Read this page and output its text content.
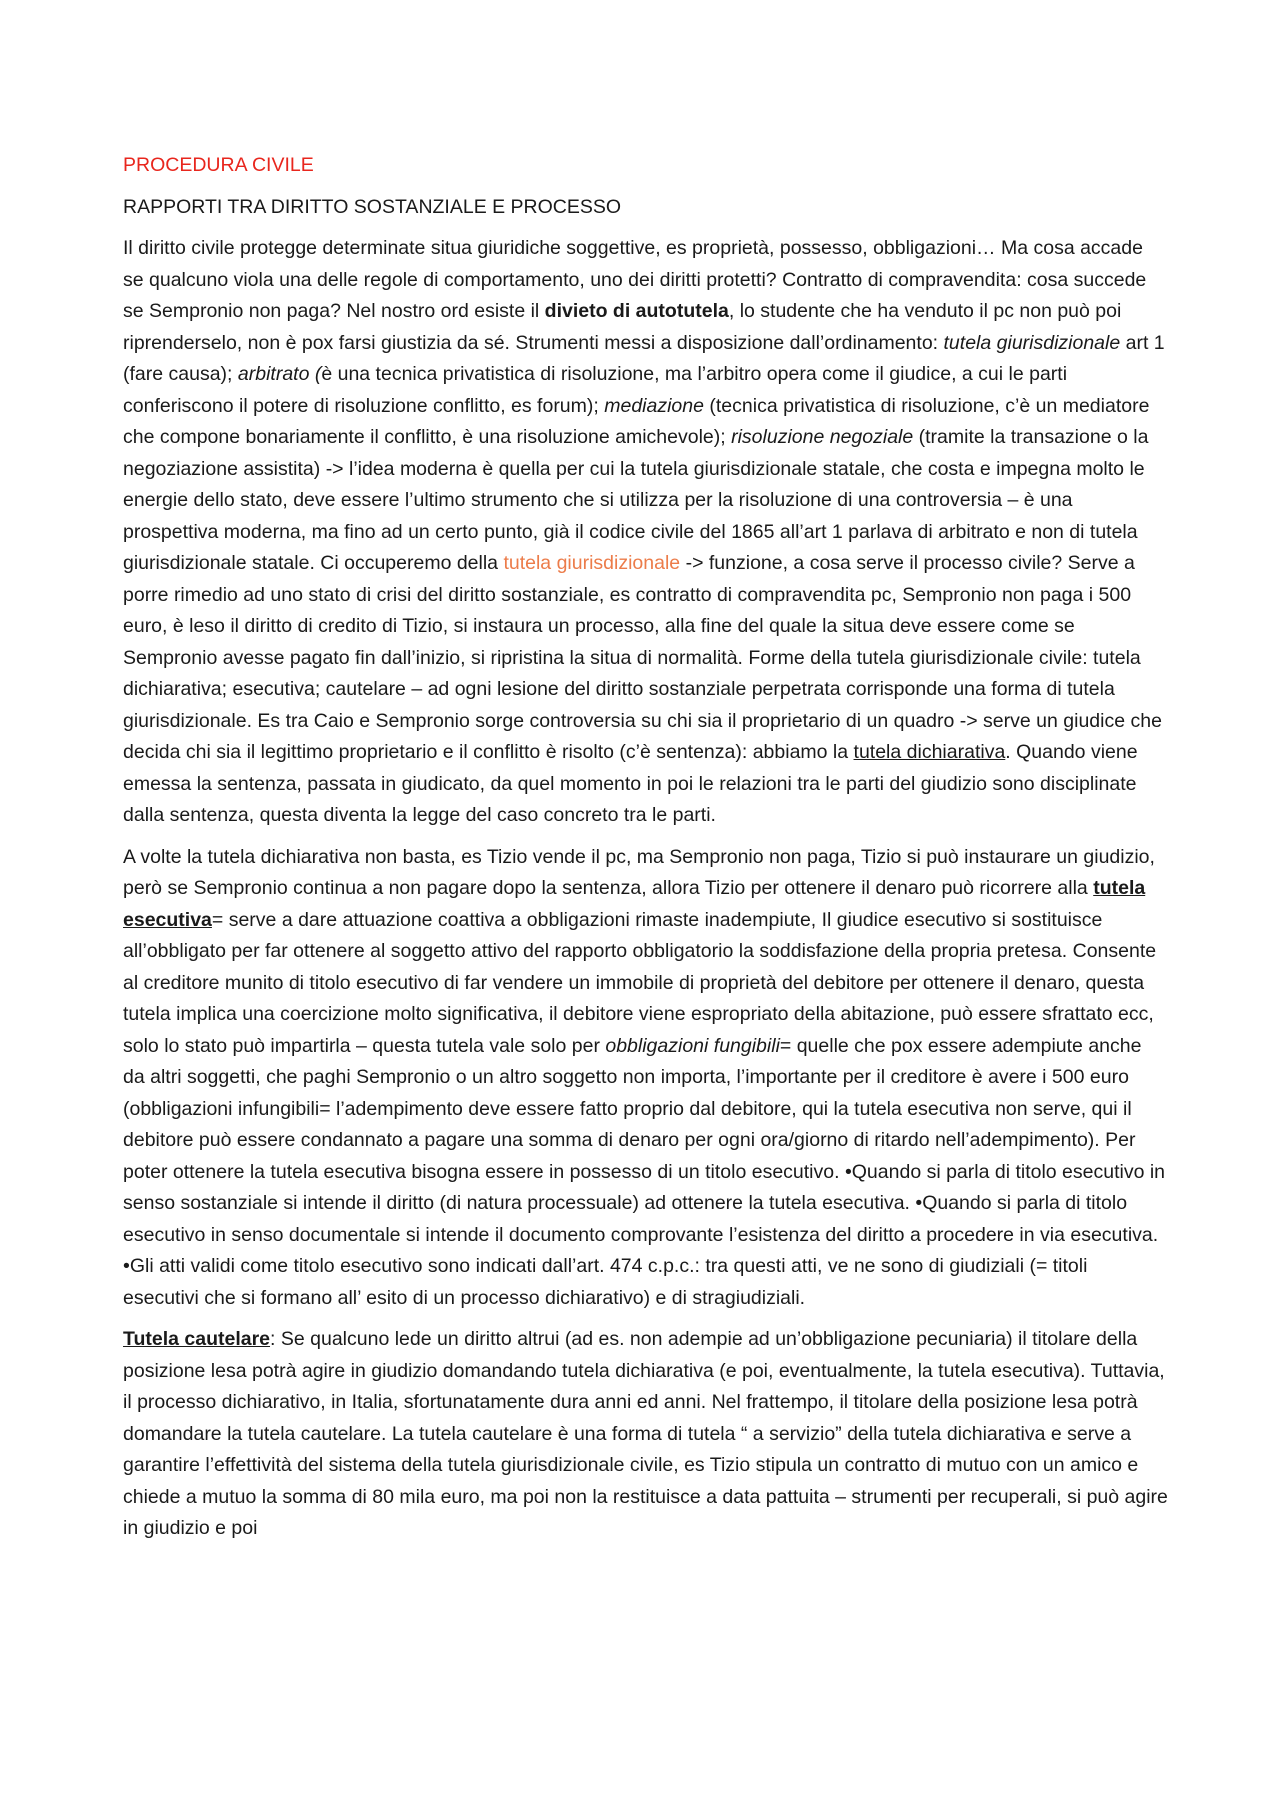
PROCEDURA CIVILE
RAPPORTI TRA DIRITTO SOSTANZIALE E PROCESSO

Il diritto civile protegge determinate situa giuridiche soggettive, es proprietà, possesso, obbligazioni… Ma cosa accade se qualcuno viola una delle regole di comportamento, uno dei diritti protetti? Contratto di compravendita: cosa succede se Sempronio non paga? Nel nostro ord esiste il divieto di autotutela, lo studente che ha venduto il pc non può poi riprenderselo, non è pox farsi giustizia da sé. Strumenti messi a disposizione dall’ordinamento: tutela giurisdizionale art 1 (fare causa); arbitrato (è una tecnica privatistica di risoluzione, ma l’arbitro opera come il giudice, a cui le parti conferiscono il potere di risoluzione conflitto, es forum); mediazione (tecnica privatistica di risoluzione, c’è un mediatore che compone bonariamente il conflitto, è una risoluzione amichevole); risoluzione negoziale (tramite la transazione o la negoziazione assistita) -> l’idea moderna è quella per cui la tutela giurisdizionale statale, che costa e impegna molto le energie dello stato, deve essere l’ultimo strumento che si utilizza per la risoluzione di una controversia – è una prospettiva moderna, ma fino ad un certo punto, già il codice civile del 1865 all’art 1 parlava di arbitrato e non di tutela giurisdizionale statale. Ci occuperemo della tutela giurisdizionale -> funzione, a cosa serve il processo civile? Serve a porre rimedio ad uno stato di crisi del diritto sostanziale, es contratto di compravendita pc, Sempronio non paga i 500 euro, è leso il diritto di credito di Tizio, si instaura un processo, alla fine del quale la situa deve essere come se Sempronio avesse pagato fin dall’inizio, si ripristina la situa di normalità. Forme della tutela giurisdizionale civile: tutela dichiarativa; esecutiva; cautelare – ad ogni lesione del diritto sostanziale perpetrata corrisponde una forma di tutela giurisdizionale. Es tra Caio e Sempronio sorge controversia su chi sia il proprietario di un quadro -> serve un giudice che decida chi sia il legittimo proprietario e il conflitto è risolto (c’è sentenza): abbiamo la tutela dichiarativa. Quando viene emessa la sentenza, passata in giudicato, da quel momento in poi le relazioni tra le parti del giudizio sono disciplinate dalla sentenza, questa diventa la legge del caso concreto tra le parti.

A volte la tutela dichiarativa non basta, es Tizio vende il pc, ma Sempronio non paga, Tizio si può instaurare un giudizio, però se Sempronio continua a non pagare dopo la sentenza, allora Tizio per ottenere il denaro può ricorrere alla tutela esecutiva= serve a dare attuazione coattiva a obbligazioni rimaste inadempiute, Il giudice esecutivo si sostituisce all’obbligato per far ottenere al soggetto attivo del rapporto obbligatorio la soddisfazione della propria pretesa. Consente al creditore munito di titolo esecutivo di far vendere un immobile di proprietà del debitore per ottenere il denaro, questa tutela implica una coercizione molto significativa, il debitore viene espropriato della abitazione, può essere sfrattato ecc, solo lo stato può impartirla – questa tutela vale solo per obbligazioni fungibili= quelle che pox essere adempiute anche da altri soggetti, che paghi Sempronio o un altro soggetto non importa, l’importante per il creditore è avere i 500 euro (obbligazioni infungibili= l’adempimento deve essere fatto proprio dal debitore, qui la tutela esecutiva non serve, qui il debitore può essere condannato a pagare una somma di denaro per ogni ora/giorno di ritardo nell’adempimento). Per poter ottenere la tutela esecutiva bisogna essere in possesso di un titolo esecutivo. •Quando si parla di titolo esecutivo in senso sostanziale si intende il diritto (di natura processuale) ad ottenere la tutela esecutiva. •Quando si parla di titolo esecutivo in senso documentale si intende il documento comprovante l’esistenza del diritto a procedere in via esecutiva. •Gli atti validi come titolo esecutivo sono indicati dall’art. 474 c.p.c.: tra questi atti, ve ne sono di giudiziali (= titoli esecutivi che si formano all’ esito di un processo dichiarativo) e di stragiudiziali.

Tutela cautelare: Se qualcuno lede un diritto altrui (ad es. non adempie ad un’obbligazione pecuniaria) il titolare della posizione lesa potrà agire in giudizio domandando tutela dichiarativa (e poi, eventualmente, la tutela esecutiva). Tuttavia, il processo dichiarativo, in Italia, sfortunatamente dura anni ed anni. Nel frattempo, il titolare della posizione lesa potrà domandare la tutela cautelare. La tutela cautelare è una forma di tutela “ a servizio” della tutela dichiarativa e serve a garantire l’effettività del sistema della tutela giurisdizionale civile, es Tizio stipula un contratto di mutuo con un amico e chiede a mutuo la somma di 80 mila euro, ma poi non la restituisce a data pattuita – strumenti per recuperali, si può agire in giudizio e poi
